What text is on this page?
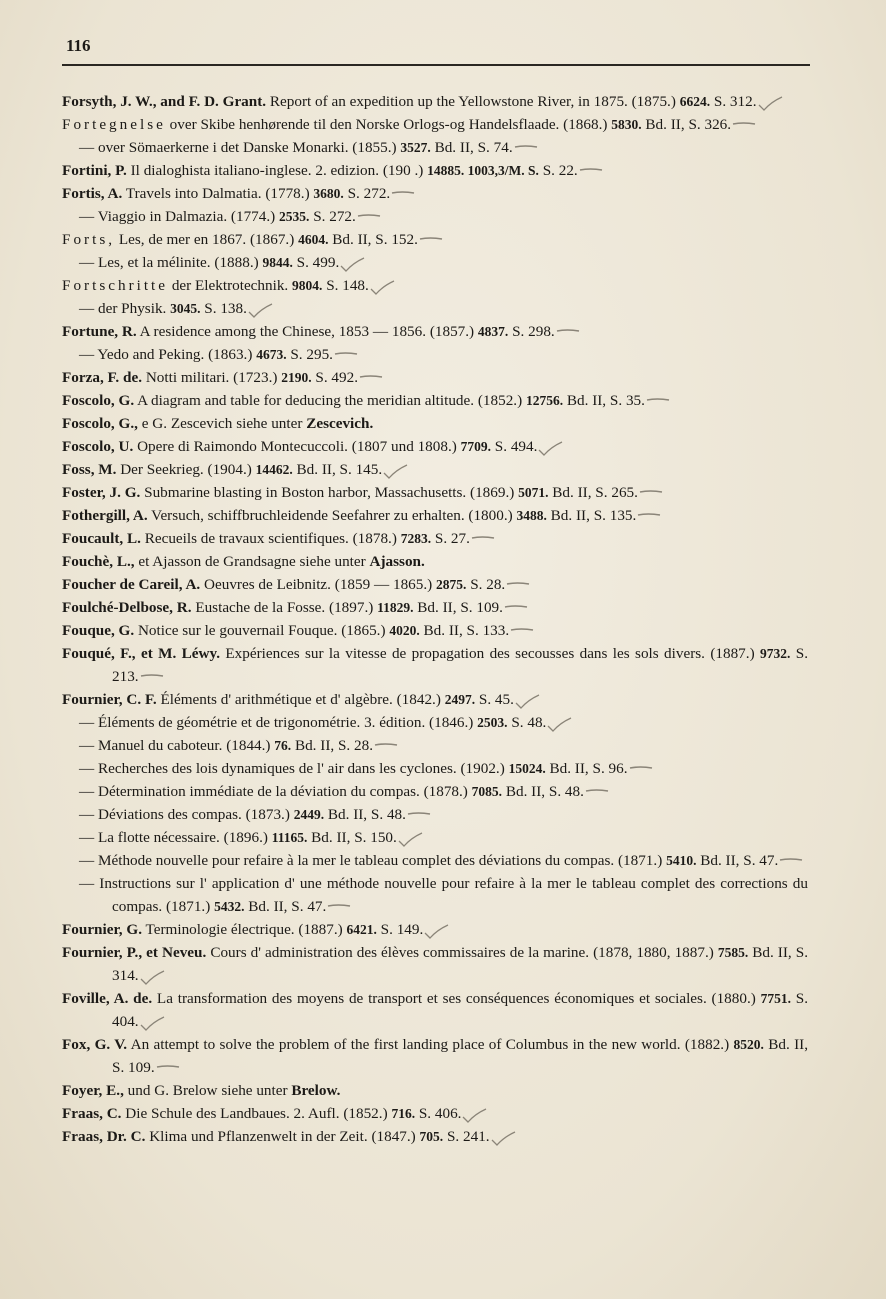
116
Forsyth, J. W., and F. D. Grant. Report of an expedition up the Yellowstone River, in 1875. (1875.) 6624. S. 312.
Fortegnelse over Skibe henhørende til den Norske Orlogs-og Handelsflaade. (1868.) 5830. Bd. II, S. 326.
— over Sömaerkerne i det Danske Monarki. (1855.) 3527. Bd. II, S. 74.
Fortini, P. Il dialoghista italiano-inglese. 2. edizion. (190 .) 14885. 1003,3/M. S. S. 22.
Fortis, A. Travels into Dalmatia. (1778.) 3680. S. 272.
— Viaggio in Dalmazia. (1774.) 2535. S. 272.
Forts, Les, de mer en 1867. (1867.) 4604. Bd. II, S. 152.
— Les, et la mélinite. (1888.) 9844. S. 499.
Fortschritte der Elektrotechnik. 9804. S. 148.
— der Physik. 3045. S. 138.
Fortune, R. A residence among the Chinese, 1853 — 1856. (1857.) 4837. S. 298.
— Yedo and Peking. (1863.) 4673. S. 295.
Forza, F. de. Notti militari. (1723.) 2190. S. 492.
Foscolo, G. A diagram and table for deducing the meridian altitude. (1852.) 12756. Bd. II, S. 35.
Foscolo, G., e G. Zescevich siehe unter Zescevich.
Foscolo, U. Opere di Raimondo Montecuccoli. (1807 und 1808.) 7709. S. 494.
Foss, M. Der Seekrieg. (1904.) 14462. Bd. II, S. 145.
Foster, J. G. Submarine blasting in Boston harbor, Massachusetts. (1869.) 5071. Bd. II, S. 265.
Fothergill, A. Versuch, schiffbruchleidende Seefahrer zu erhalten. (1800.) 3488. Bd. II, S. 135.
Foucault, L. Recueils de travaux scientifiques. (1878.) 7283. S. 27.
Fouchè, L., et Ajasson de Grandsagne siehe unter Ajasson.
Foucher de Careil, A. Oeuvres de Leibnitz. (1859 — 1865.) 2875. S. 28.
Foulché-Delbose, R. Eustache de la Fosse. (1897.) 11829. Bd. II, S. 109.
Fouque, G. Notice sur le gouvernail Fouque. (1865.) 4020. Bd. II, S. 133.
Fouqué, F., et M. Léwy. Expériences sur la vitesse de propagation des secousses dans les sols divers. (1887.) 9732. S. 213.
Fournier, C. F. Éléments d' arithmétique et d' algèbre. (1842.) 2497. S. 45.
— Éléments de géométrie et de trigonométrie. 3. édition. (1846.) 2503. S. 48.
— Manuel du caboteur. (1844.) 76. Bd. II, S. 28.
— Recherches des lois dynamiques de l' air dans les cyclones. (1902.) 15024. Bd. II, S. 96.
— Détermination immédiate de la déviation du compas. (1878.) 7085. Bd. II, S. 48.
— Déviations des compas. (1873.) 2449. Bd. II, S. 48.
— La flotte nécessaire. (1896.) 11165. Bd. II, S. 150.
— Méthode nouvelle pour refaire à la mer le tableau complet des déviations du compas. (1871.) 5410. Bd. II, S. 47.
— Instructions sur l' application d' une méthode nouvelle pour refaire à la mer le tableau complet des corrections du compas. (1871.) 5432. Bd. II, S. 47.
Fournier, G. Terminologie électrique. (1887.) 6421. S. 149.
Fournier, P., et Neveu. Cours d' administration des élèves commissaires de la marine. (1878, 1880, 1887.) 7585. Bd. II, S. 314.
Foville, A. de. La transformation des moyens de transport et ses conséquences économiques et sociales. (1880.) 7751. S. 404.
Fox, G. V. An attempt to solve the problem of the first landing place of Columbus in the new world. (1882.) 8520. Bd. II, S. 109.
Foyer, E., und G. Brelow siehe unter Brelow.
Fraas, C. Die Schule des Landbaues. 2. Aufl. (1852.) 716. S. 406.
Fraas, Dr. C. Klima und Pflanzenwelt in der Zeit. (1847.) 705. S. 241.
